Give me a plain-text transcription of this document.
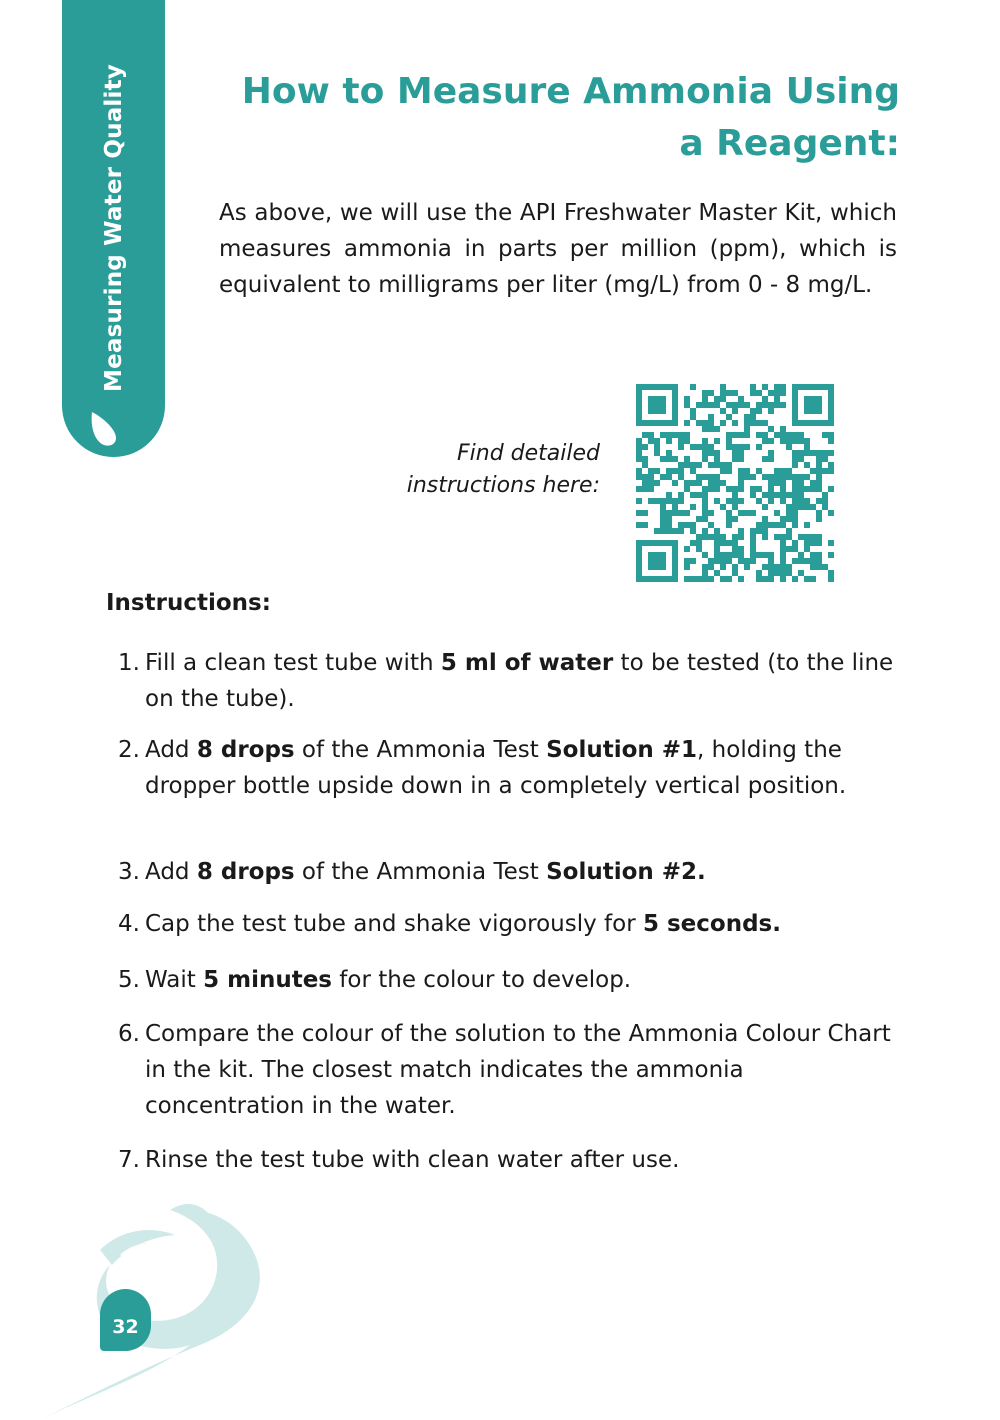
Measuring Water Quality	How to Measure Ammonia Using a Reagent:

As above, we will use the API Freshwater Master Kit, which measures ammonia in parts per million (ppm), which is equivalent to milligrams per liter (mg/L) from 0 - 8 mg/L.

Find detailed
instructions here:
Instructions:
1. Fill a clean test tube with 5 ml of water to be tested (to the line on the tube).
2. Add 8 drops of the Ammonia Test Solution #1, holding the dropper bottle upside down in a completely vertical position.
3. Add 8 drops of the Ammonia Test Solution #2.
4. Cap the test tube and shake vigorously for 5 seconds.
5. Wait 5 minutes for the colour to develop.
6. Compare the colour of the solution to the Ammonia Colour Chart in the kit. The closest match indicates the ammonia concentration in the water.
7. Rinse the test tube with clean water after use.
32
